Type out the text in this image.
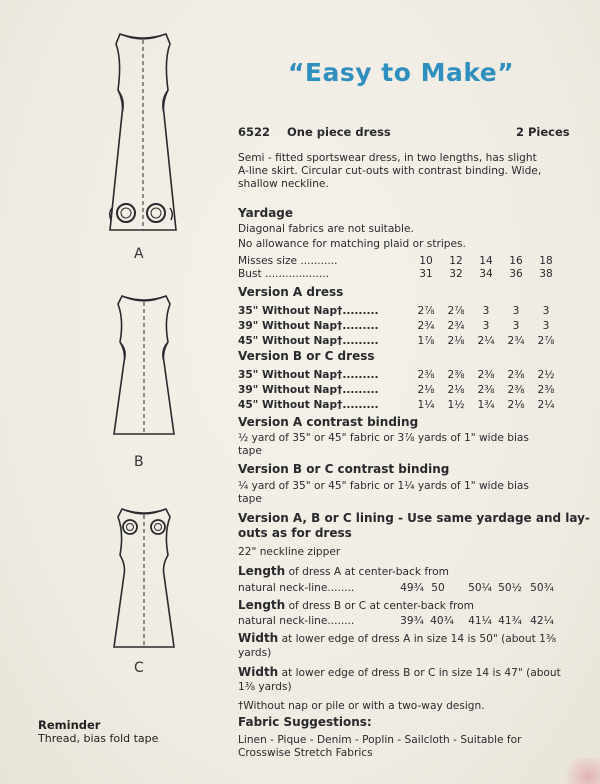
A
B
C
Reminder
Thread, bias fold tape
“Easy to Make”
6522 One piece dress	2 Pieces
Semi - fitted sportswear dress, in two lengths, has slight
A-line skirt. Circular cut-outs with contrast binding. Wide,
shallow neckline.
Yardage
Diagonal fabrics are not suitable.
No allowance for matching plaid or stripes.
Misses size ...........	10	12	14	16	18
Bust ...................	31	32	34	36	38
Version A dress
35" Without Nap†.........	2⅞	2⅞	3	3	3
39" Without Nap†.........	2¾	2¾	3	3	3
45" Without Nap†.........	1⅞	2⅛	2¼	2¾	2⅞
Version B or C dress
35" Without Nap†.........	2⅜	2⅜	2⅜	2⅜	2½
39" Without Nap†.........	2⅛	2⅛	2⅜	2⅜	2⅜
45" Without Nap†.........	1¼	1½	1¾	2⅛	2¼
Version A contrast binding
½ yard of 35" or 45" fabric or 3⅞ yards of 1" wide bias
tape
Version B or C contrast binding
¼ yard of 35" or 45" fabric or 1¼ yards of 1" wide bias
tape
Version A, B or C lining - Use same yardage and lay-
outs as for dress
22" neckline zipper
Length of dress A at center-back from
natural neck-line........	49¾ 50	50¼ 50½ 50¾
Length of dress B or C at center-back from
natural neck-line........	39¾ 40¾ 41¼ 41¾ 42¼
Width at lower edge of dress A in size 14 is 50" (about 1⅜
yards)
Width at lower edge of dress B or C in size 14 is 47" (about
1⅜ yards)
†Without nap or pile or with a two-way design.
Fabric Suggestions:
Linen - Pique - Denim - Poplin - Sailcloth - Suitable for
Crosswise Stretch Fabrics
